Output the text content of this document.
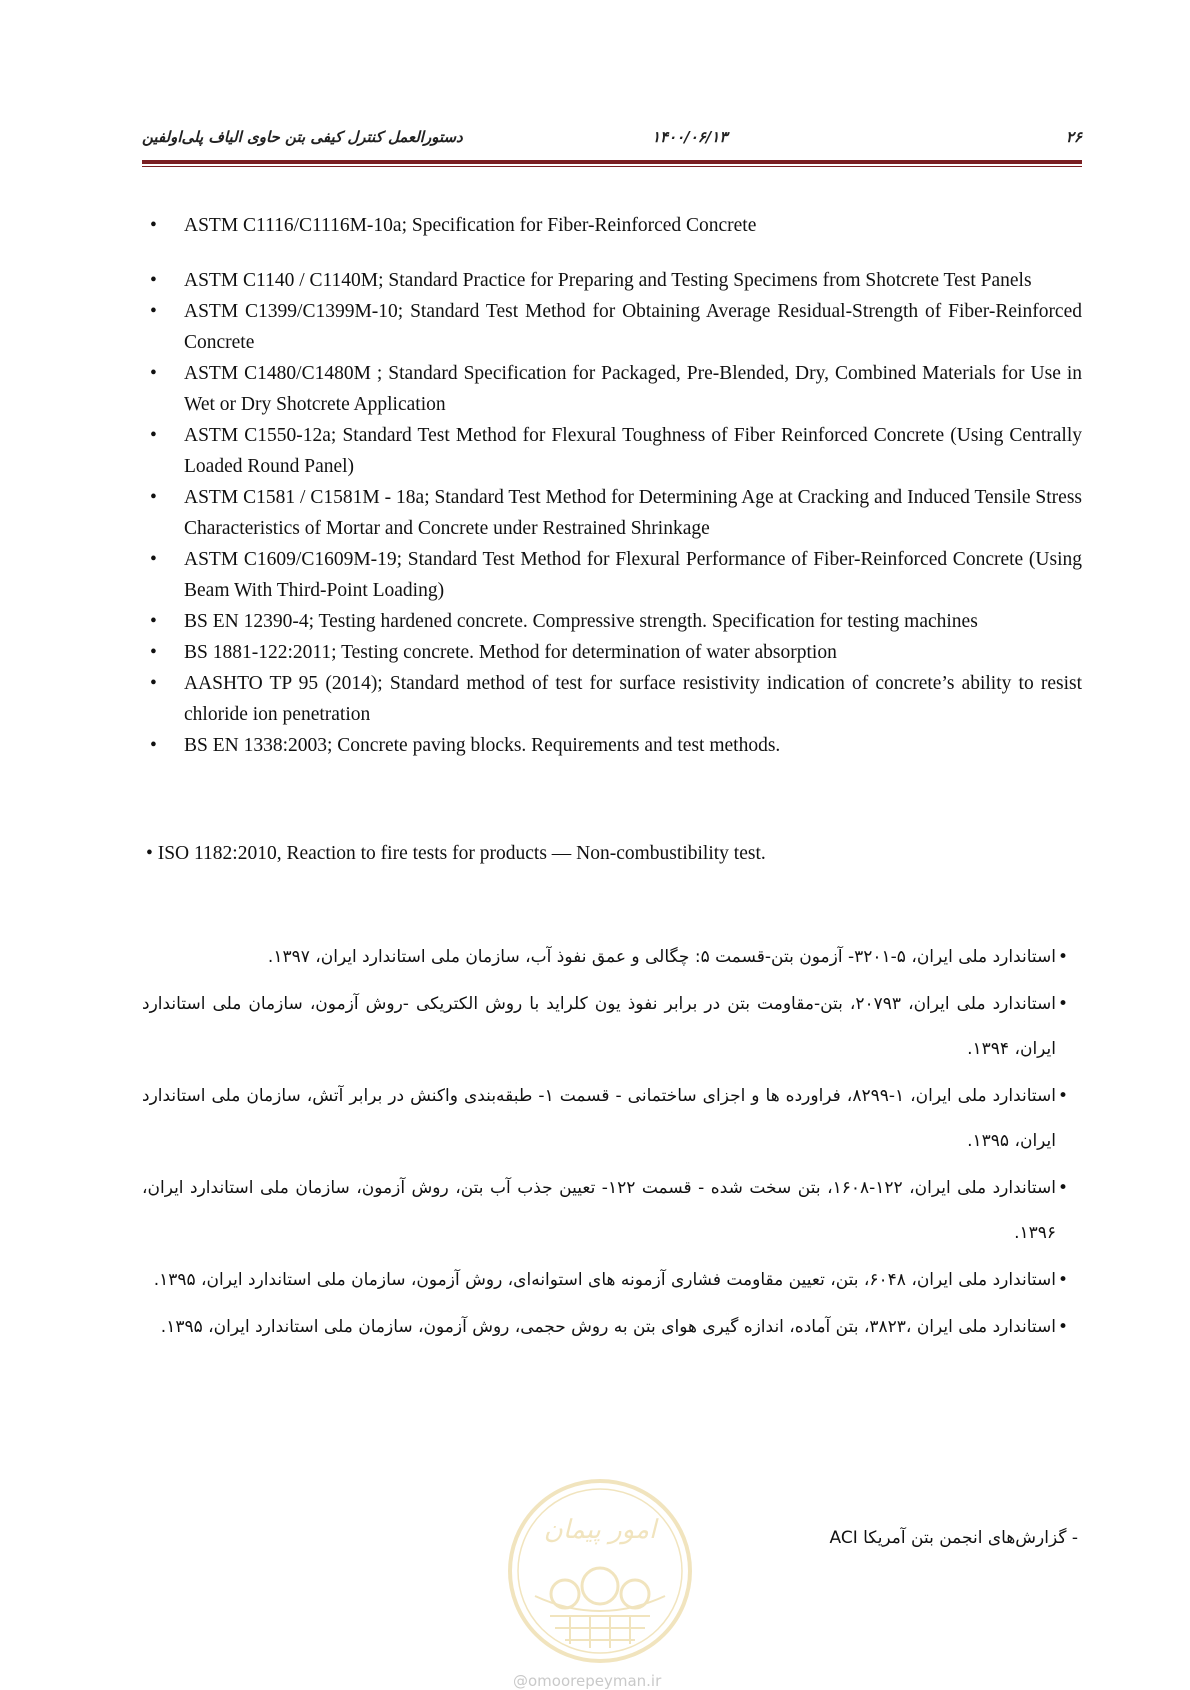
۲۶
۱۴۰۰/۰۶/۱۳
دستورالعمل کنترل کیفی بتن حاوی الیاف پلی‌اولفین
• ASTM C1116/C1116M-10a; Specification for Fiber-Reinforced Concrete
• ASTM C1140 / C1140M; Standard Practice for Preparing and Testing Specimens from Shotcrete Test Panels
• ASTM C1399/C1399M-10; Standard Test Method for Obtaining Average Residual-Strength of Fiber-Reinforced Concrete
• ASTM C1480/C1480M ; Standard Specification for Packaged, Pre-Blended, Dry, Combined Materials for Use in Wet or Dry Shotcrete Application
• ASTM C1550-12a; Standard Test Method for Flexural Toughness of Fiber Reinforced Concrete (Using Centrally Loaded Round Panel)
• ASTM C1581 / C1581M - 18a; Standard Test Method for Determining Age at Cracking and Induced Tensile Stress Characteristics of Mortar and Concrete under Restrained Shrinkage
• ASTM C1609/C1609M-19; Standard Test Method for Flexural Performance of Fiber-Reinforced Concrete (Using Beam With Third-Point Loading)
• BS EN 12390-4; Testing hardened concrete. Compressive strength. Specification for testing machines
• BS 1881-122:2011; Testing concrete. Method for determination of water absorption
• AASHTO TP 95 (2014); Standard method of test for surface resistivity indication of concrete’s ability to resist chloride ion penetration
• BS EN 1338:2003; Concrete paving blocks. Requirements and test methods.
• ISO 1182:2010, Reaction to fire tests for products — Non-combustibility test.
• استاندارد ملی ایران، ۵-۳۲۰۱- آزمون بتن-قسمت ۵: چگالی و عمق نفوذ آب، سازمان ملی استاندارد ایران، ۱۳۹۷.
• استاندارد ملی ایران، ۲۰۷۹۳، بتن-مقاومت بتن در برابر نفوذ یون کلراید با روش الکتریکی -روش آزمون، سازمان ملی استاندارد ایران، ۱۳۹۴.
• استاندارد ملی ایران، ۱-۸۲۹۹، فراورده ها و اجزای ساختمانی - قسمت ۱- طبقه‌بندی واکنش در برابر آتش، سازمان ملی استاندارد ایران، ۱۳۹۵.
• استاندارد ملی ایران، ۱۲۲-۱۶۰۸، بتن سخت شده - قسمت ۱۲۲- تعیین جذب آب بتن، روش آزمون، سازمان ملی استاندارد ایران، ۱۳۹۶.
• استاندارد ملی ایران، ۶۰۴۸، بتن، تعیین مقاومت فشاری آزمونه های استوانه‌ای، روش آزمون، سازمان ملی استاندارد ایران، ۱۳۹۵.
• استاندارد ملی ایران ،۳۸۲۳، بتن آماده، اندازه گیری هوای بتن به روش حجمی، روش آزمون، سازمان ملی استاندارد ایران، ۱۳۹۵.
- گزارش‌های انجمن بتن آمریکا ACI
امور پیمان
@omoorepeyman.ir
